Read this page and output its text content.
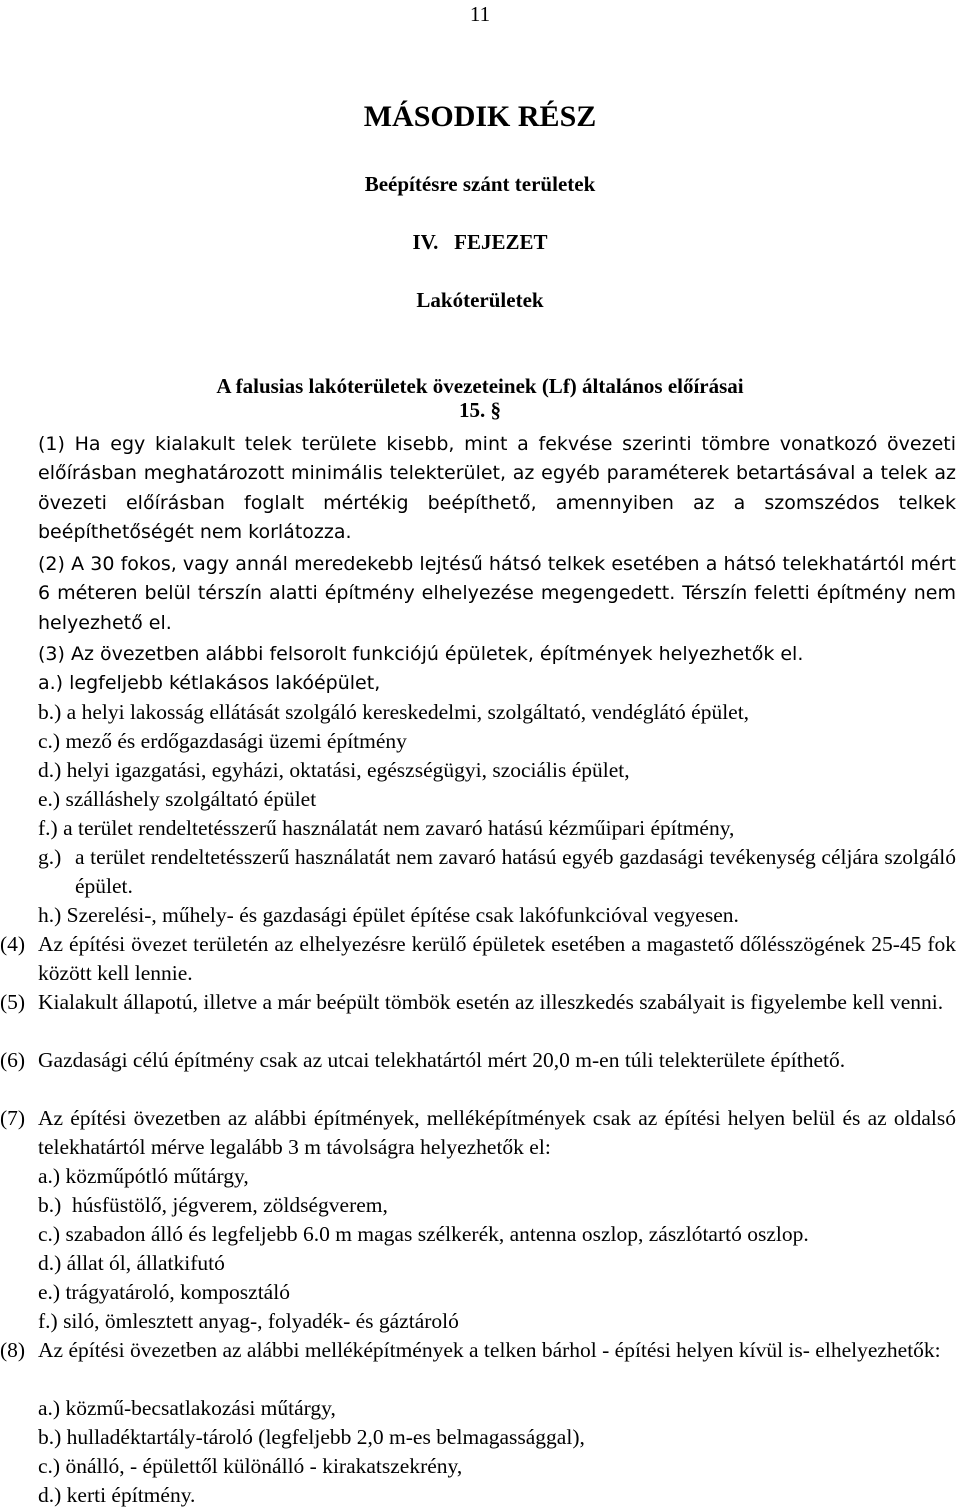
11
MÁSODIK RÉSZ
Beépítésre szánt területek
IV.   FEJEZET
Lakóterületek
A falusias lakóterületek övezeteinek (Lf) általános előírásai
15. §
(1) Ha egy kialakult telek területe kisebb, mint a fekvése szerinti tömbre vonatkozó övezeti előírásban meghatározott minimális telekterület, az egyéb paraméterek betartásával a telek az övezeti előírásban foglalt mértékig beépíthető, amennyiben az a szomszédos telkek beépíthetőségét nem korlátozza.
(2) A 30 fokos, vagy annál meredekebb lejtésű hátsó telkek esetében a hátsó telekhatártól mért 6 méteren belül térszín alatti építmény elhelyezése megengedett. Térszín feletti építmény nem helyezhető el.
(3) Az övezetben alábbi felsorolt funkciójú épületek, építmények helyezhetők el.
a.) legfeljebb kétlakásos lakóépület,
b.) a helyi lakosság ellátását szolgáló kereskedelmi, szolgáltató, vendéglátó épület,
c.) mező és erdőgazdasági üzemi építmény
d.) helyi igazgatási, egyházi, oktatási, egészségügyi, szociális épület,
e.) szálláshely szolgáltató épület
f.) a terület rendeltetésszerű használatát nem zavaró hatású kézműipari építmény,
g.) a terület rendeltetésszerű használatát nem zavaró hatású egyéb gazdasági tevékenység céljára szolgáló épület.
h.) Szerelési-, műhely- és gazdasági épület építése csak lakófunkcióval vegyesen.
(4) Az építési övezet területén az elhelyezésre kerülő épületek esetében a magastető dőlésszögének 25-45 fok között kell lennie.
(5) Kialakult állapotú, illetve a már beépült tömbök esetén az illeszkedés szabályait is figyelembe kell venni.
(6) Gazdasági célú építmény csak az utcai telekhatártól mért 20,0 m-en túli telekterülete építhető.
(7) Az építési övezetben az alábbi építmények, melléképítmények csak az építési helyen belül és az oldalsó telekhatártól mérve legalább 3 m távolságra helyezhetők el:
a.) közműpótló műtárgy,
b.)  húsfüstölő, jégverem, zöldségverem,
c.) szabadon álló és legfeljebb 6.0 m magas szélkerék, antenna oszlop, zászlótartó oszlop.
d.) állat ól, állatkifutó
e.) trágyatároló, komposztáló
f.) siló, ömlesztett anyag-, folyadék- és gáztároló
(8) Az építési övezetben az alábbi melléképítmények a telken bárhol - építési helyen kívül is- elhelyezhetők:
a.) közmű-becsatlakozási műtárgy,
b.) hulladéktartály-tároló (legfeljebb 2,0 m-es belmagassággal),
c.) önálló, - épülettől különálló - kirakatszekrény,
d.) kerti építmény.
